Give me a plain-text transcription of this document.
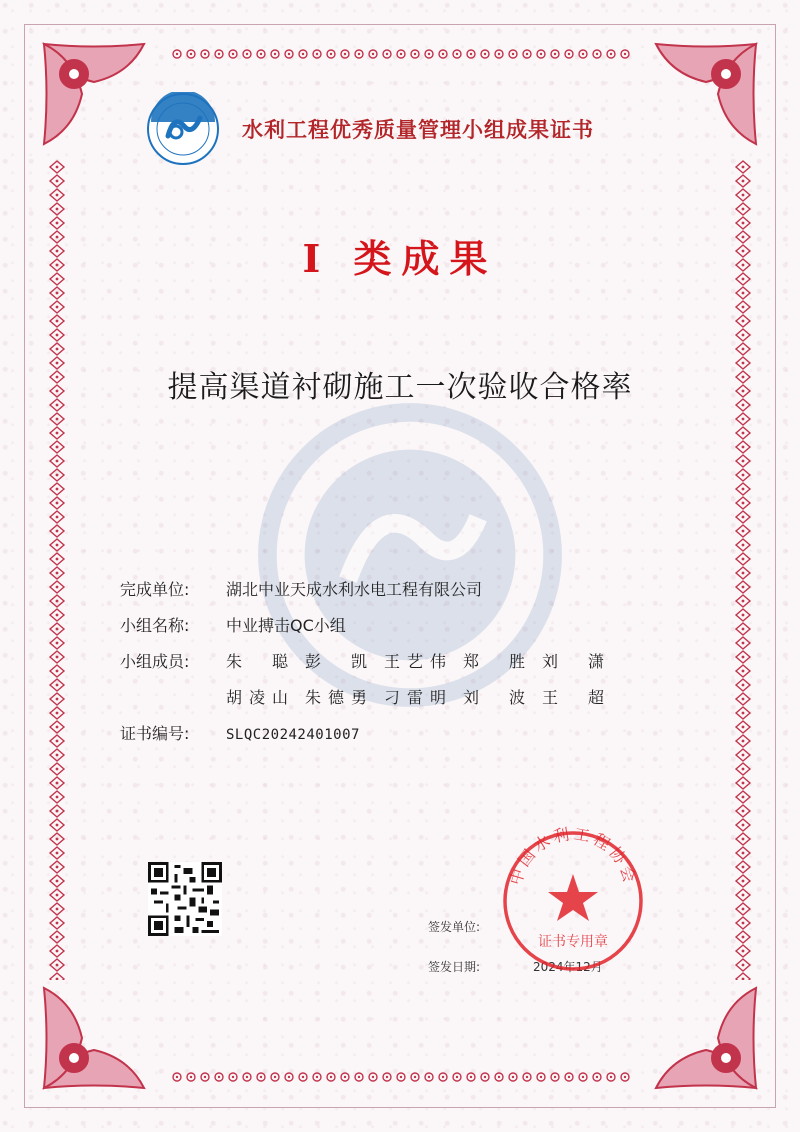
水利工程优秀质量管理小组成果证书
I 类成果
提高渠道衬砌施工一次验收合格率
完成单位: 湖北中业天成水利水电工程有限公司
小组名称: 中业搏击QC小组
小组成员: 朱　聪 彭　凯 王艺伟 郑　胜 刘　潇
胡凌山 朱德勇 刁雷明 刘　波 王　超
证书编号:	SLQC20242401007
签发单位:
签发日期:	2024年12月
中国水利工程协会
证书专用章
